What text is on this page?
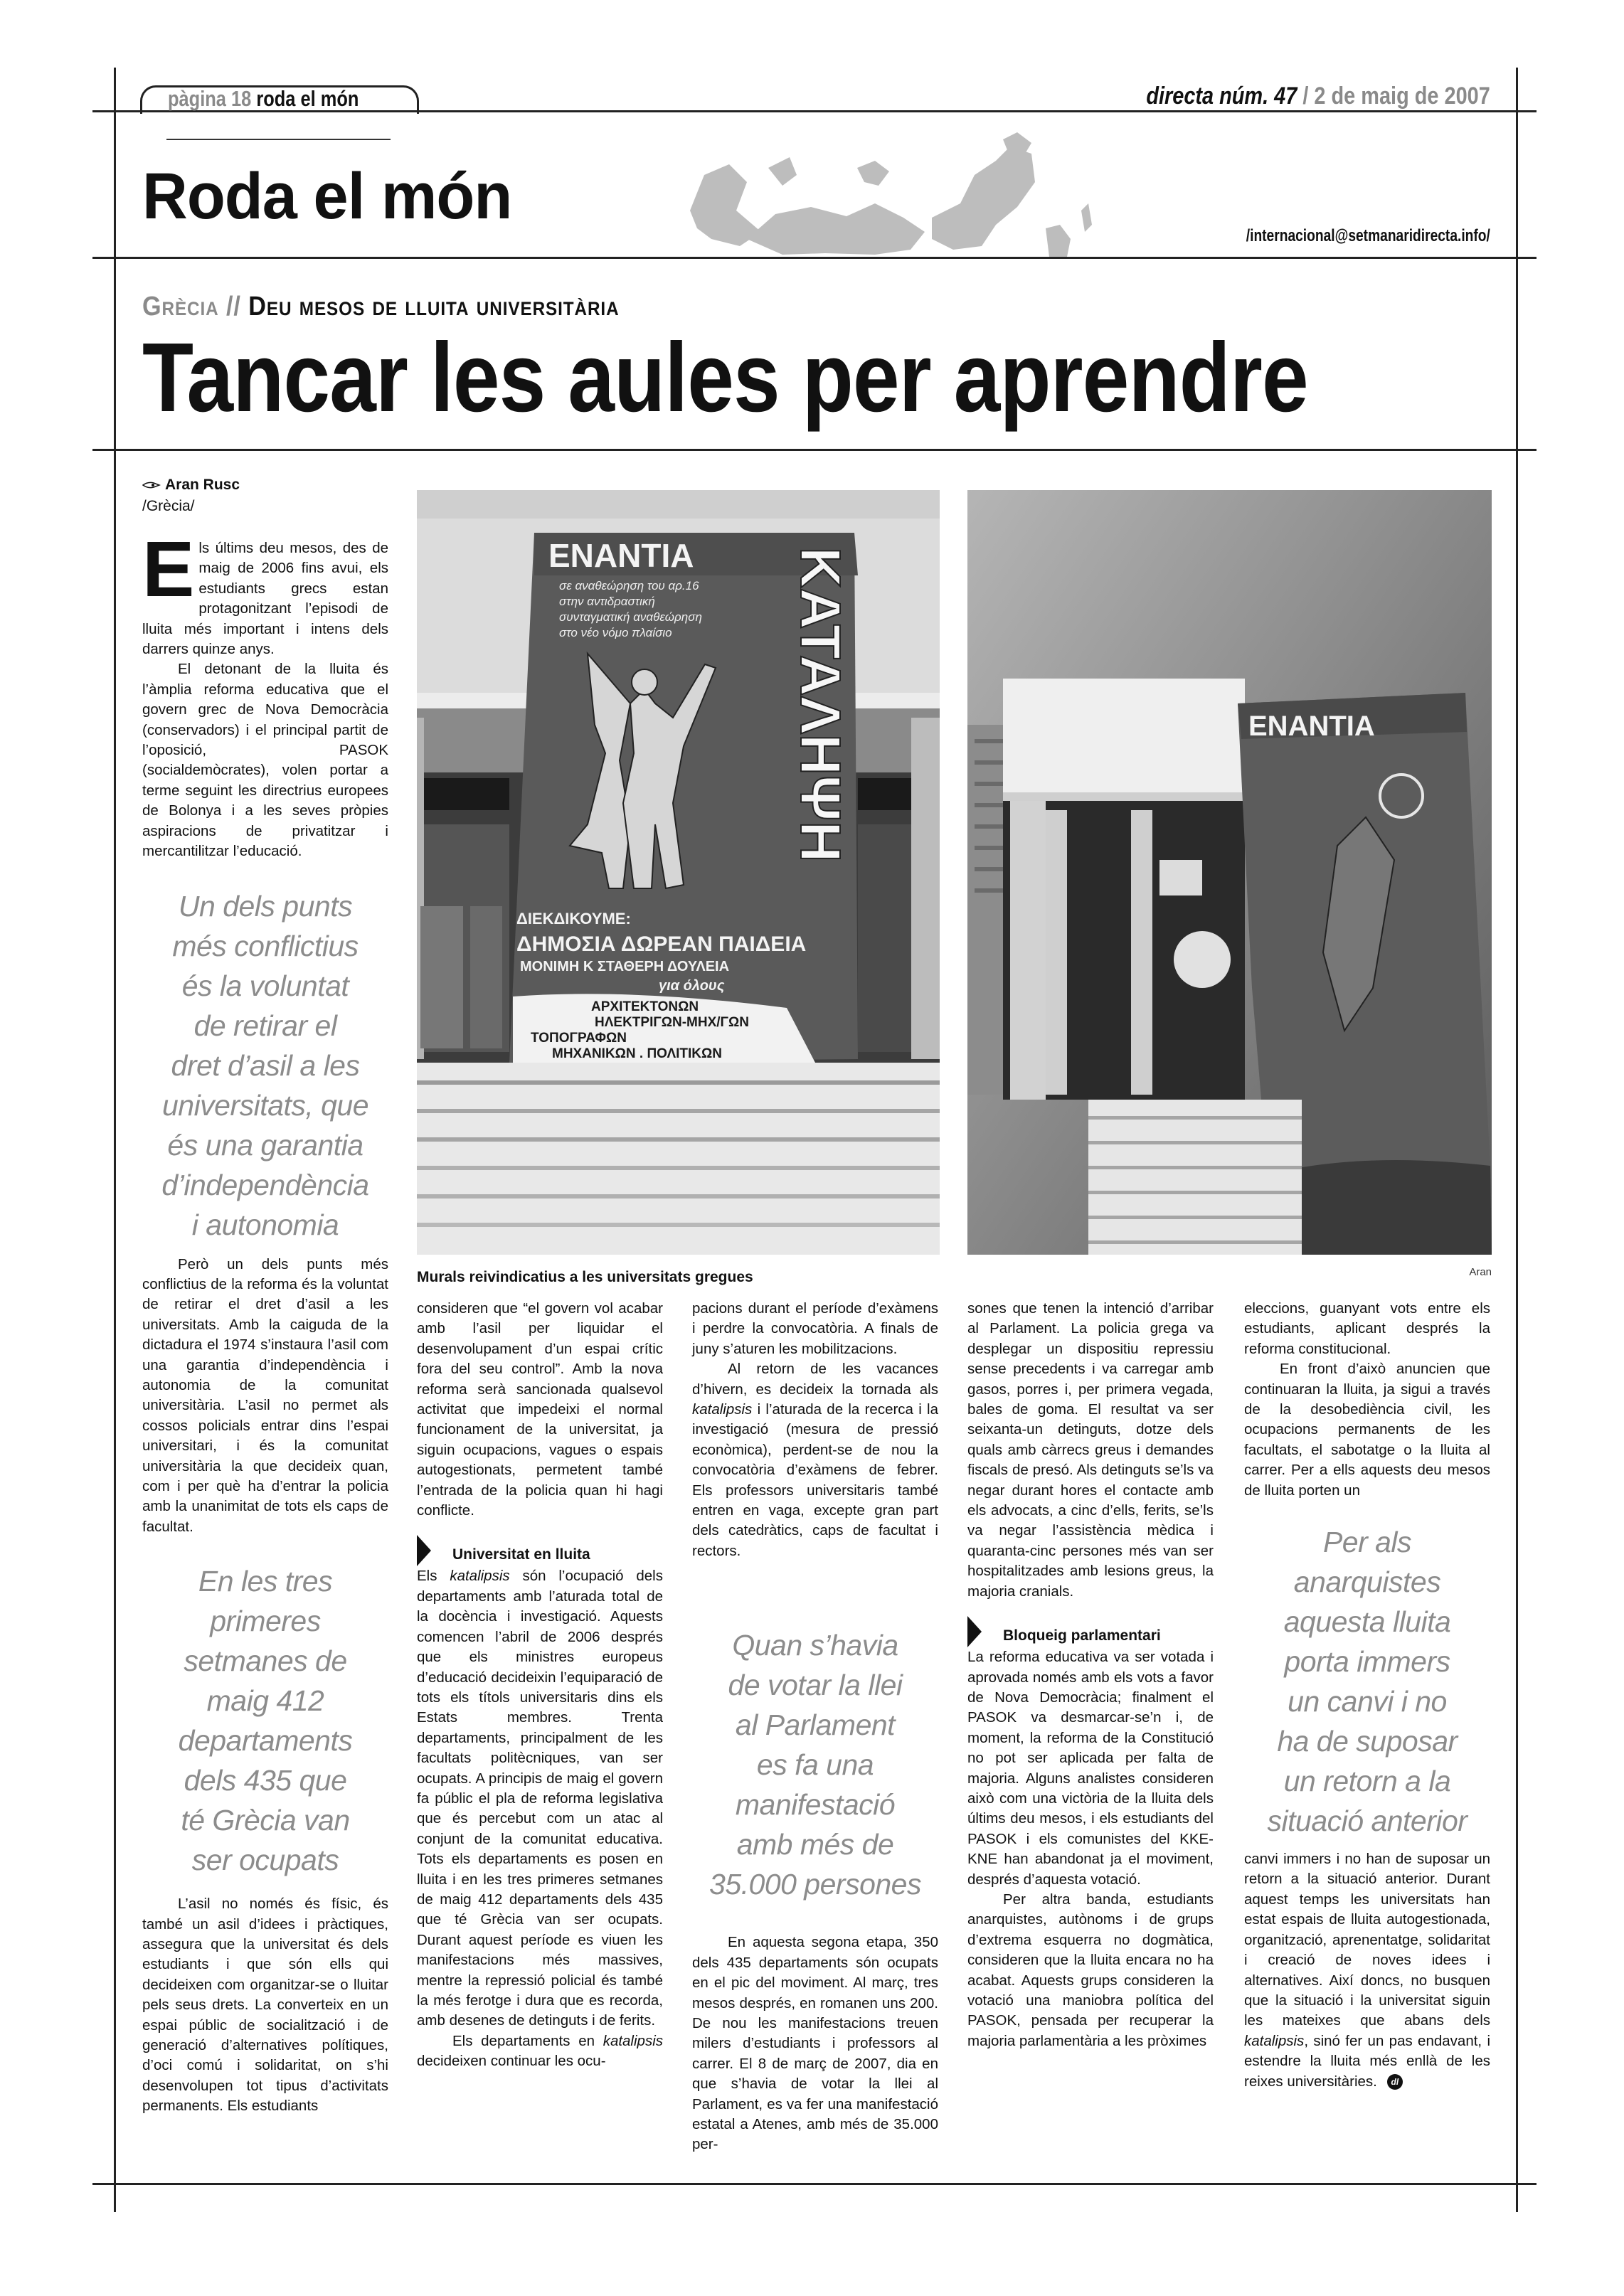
pàgina 18 roda el món	directa núm. 47 / 2 de maig de 2007
Roda el món
/internacional@setmanaridirecta.info/
Grècia // Deu mesos de lluita universitària
Tancar les aules per aprendre
Aran Rusc
/Grècia/

Els últims deu mesos, des de maig de 2006 fins avui, els estudiants grecs estan protagonitzant l’episodi de lluita més important i intens dels darrers quinze anys.

El detonant de la lluita és l’àmplia reforma educativa que el govern grec de Nova Democràcia (conservadors) i el principal partit de l’oposició, PASOK (socialdemòcrates), volen portar a terme seguint les directrius europees de Bolonya i a les seves pròpies aspiracions de privatitzar i mercantilitzar l’educació.

Un dels punts
més conflictius
és la voluntat
de retirar el
dret d’asil a les
universitats, que
és una garantia
d’independència
i autonomia

Però un dels punts més conflictius de la reforma és la voluntat de retirar el dret d’asil a les universitats. Amb la caiguda de la dictadura el 1974 s’instaura l’asil com una garantia d’independència i autonomia de la comunitat universitària. L’asil no permet als cossos policials entrar dins l’espai universitari, i és la comunitat universitària la que decideix quan, com i per què ha d’entrar la policia amb la unanimitat de tots els caps de facultat.

En les tres
primeres
setmanes de
maig 412
departaments
dels 435 que
té Grècia van
ser ocupats

L’asil no només és físic, és també un asil d’idees i pràctiques, assegura que la universitat és dels estudiants i que són ells qui decideixen com organitzar-se o lluitar pels seus drets. La converteix en un espai públic de socialització i de generació d’alternatives polítiques, d’oci comú i solidaritat, on s’hi desenvolupen tot tipus d’activitats permanents. Els estudiants

ΕΝΑΝΤΙΑ
σε αναθεώρηση του αρ.16
στην αντιδραστική
συνταγματική αναθεώρηση
στο νέο νόμο πλαίσιο ΚΑΤΑΛΗΨΗ
ΔΙΕΚΔΙΚΟΥΜΕ:
ΔΗΜΟΣΙΑ ΔΩΡΕΑΝ ΠΑΙΔΕΙΑ
ΜΟΝΙΜΗ Κ ΣΤΑΘΕΡΗ ΔΟΥΛΕΙΑ
για όλους
ΑΡΧΙΤΕΚΤΟΝΩΝ
ΗΛΕΚΤΡΙΓΩΝ-ΜΗΧ/ΓΩΝ
ΤΟΠΟΓΡΑΦΩΝ
ΜΗΧΑΝΙΚΩΝ . ΠΟΛΙΤΙΚΩΝ
ΕΝΑΝΤΙΑ
Murals reivindicatius a les universitats gregues	Aran

consideren que “el govern vol acabar amb l’asil per liquidar el desenvolupament d’un espai crític fora del seu control”. Amb la nova reforma serà sancionada qualsevol activitat que impedeixi el normal funcionament de la universitat, ja siguin ocupacions, vagues o espais autogestionats, permetent també l’entrada de la policia quan hi hagi conflicte.

Universitat en lluita

Els katalipsis són l’ocupació dels departaments amb l’aturada total de la docència i investigació. Aquests comencen l’abril de 2006 després que els ministres europeus d’educació decideixin l’equiparació de tots els títols universitaris dins els Estats membres. Trenta departaments, principalment de les facultats politècniques, van ser ocupats. A principis de maig el govern fa públic el pla de reforma legislativa que és percebut com un atac al conjunt de la comunitat educativa. Tots els departaments es posen en lluita i en les tres primeres setmanes de maig 412 departaments dels 435 que té Grècia van ser ocupats. Durant aquest període es viuen les manifestacions més massives, mentre la repressió policial és també la més ferotge i dura que es recorda, amb desenes de detinguts i de ferits.

Els departaments en katalipsis decideixen continuar les ocu-

pacions durant el període d’exàmens i perdre la convocatòria. A finals de juny s’aturen les mobilitzacions.

Al retorn de les vacances d’hivern, es decideix la tornada als katalipsis i l’aturada de la recerca i la investigació (mesura de pressió econòmica), perdent-se de nou la convocatòria d’exàmens de febrer. Els professors universitaris també entren en vaga, excepte gran part dels catedràtics, caps de facultat i rectors.

Quan s’havia
de votar la llei
al Parlament
es fa una
manifestació
amb més de
35.000 persones

En aquesta segona etapa, 350 dels 435 departaments són ocupats en el pic del moviment. Al març, tres mesos després, en romanen uns 200. De nou les manifestacions treuen milers d’estudiants i professors al carrer. El 8 de març de 2007, dia en que s’havia de votar la llei al Parlament, es va fer una manifestació estatal a Atenes, amb més de 35.000 per-

sones que tenen la intenció d’arribar al Parlament. La policia grega va desplegar un dispositiu repressiu sense precedents i va carregar amb gasos, porres i, per primera vegada, bales de goma. El resultat va ser seixanta-un detinguts, dotze dels quals amb càrrecs greus i demandes fiscals de presó. Als detinguts se’ls va negar durant hores el contacte amb els advocats, a cinc d’ells, ferits, se’ls va negar l’assistència mèdica i quaranta-cinc persones més van ser hospitalitzades amb lesions greus, la majoria cranials.

Bloqueig parlamentari

La reforma educativa va ser votada i aprovada només amb els vots a favor de Nova Democràcia; finalment el PASOK va desmarcar-se’n i, de moment, la reforma de la Constitució no pot ser aplicada per falta de majoria. Alguns analistes consideren això com una victòria de la lluita dels últims deu mesos, i els estudiants del PASOK i els comunistes del KKE-KNE han abandonat ja el moviment, després d’aquesta votació.

Per altra banda, estudiants anarquistes, autònoms i de grups d’extrema esquerra no dogmàtica, consideren que la lluita encara no ha acabat. Aquests grups consideren la votació una maniobra política del PASOK, pensada per recuperar la majoria parlamentària a les pròximes

eleccions, guanyant vots entre els estudiants, aplicant després la reforma constitucional.

En front d’això anuncien que continuaran la lluita, ja sigui a través de la desobediència civil, les ocupacions permanents de les facultats, el sabotatge o la lluita al carrer. Per a ells aquests deu mesos de lluita porten un

Per als
anarquistes
aquesta lluita
porta immers
un canvi i no
ha de suposar
un retorn a la
situació anterior

canvi immers i no han de suposar un retorn a la situació anterior. Durant aquest temps les universitats han estat espais de lluita autogestionada, organització, aprenentatge, solidaritat i creació de noves idees i alternatives. Així doncs, no busquen que la situació i la universitat siguin les mateixes que abans dels katalipsis, sinó fer un pas endavant, i estendre la lluita més enllà de les reixes universitàries. dl
